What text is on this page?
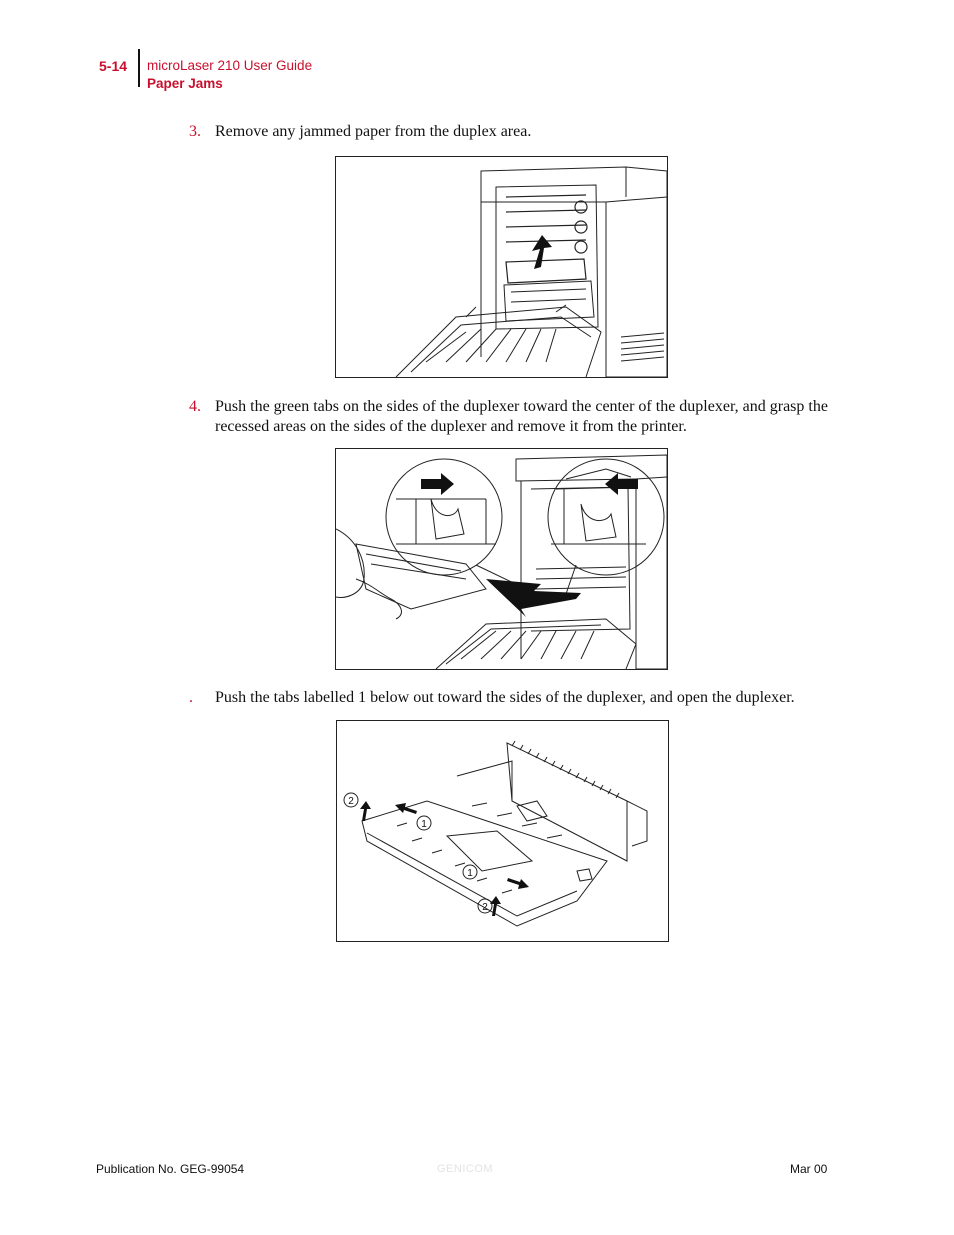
5-14 microLaser 210 User Guide
Paper Jams
3. Remove any jammed paper from the duplex area.
4. Push the green tabs on the sides of the duplexer toward the center of the duplexer, and grasp the recessed areas on the sides of the duplexer and remove it from the printer.
.	Push the tabs labelled 1 below out toward the sides of the duplexer, and open the duplexer.
2
1
1
2
Publication No. GEG-99054	GENICOM	Mar 00
